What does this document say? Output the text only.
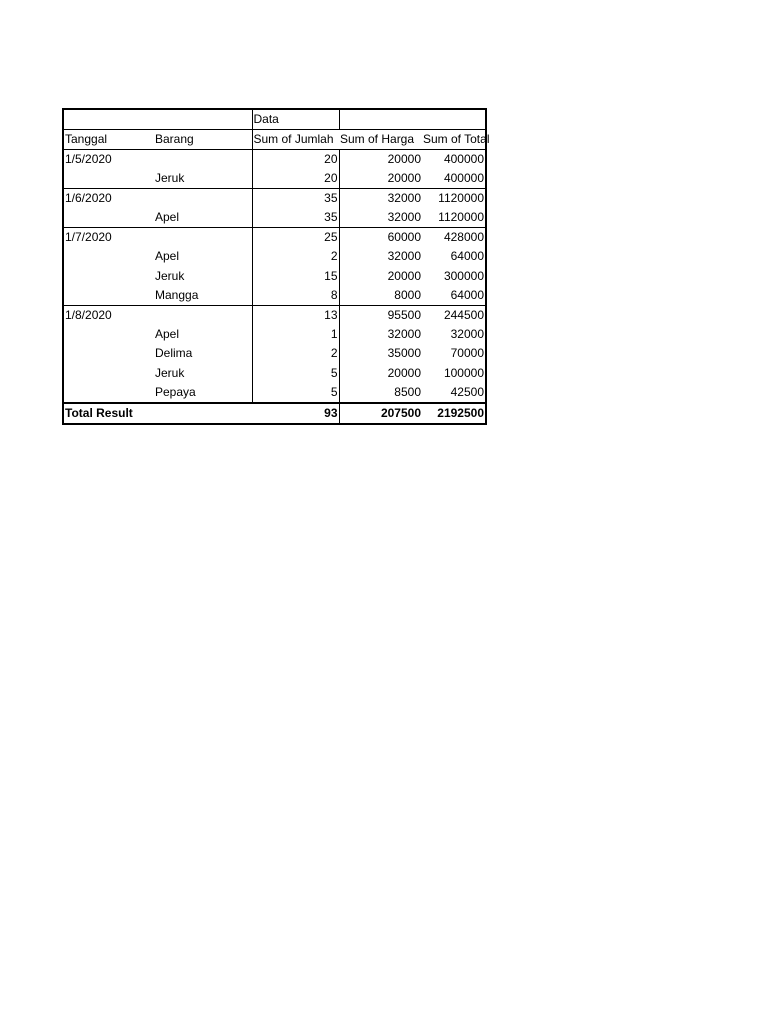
		Data		
Tanggal	Barang	Sum of Jumlah	Sum of Harga	Sum of Total
1/5/2020		20	20000	400000
	Jeruk	20	20000	400000
1/6/2020		35	32000	1120000
	Apel	35	32000	1120000
1/7/2020		25	60000	428000
	Apel	2	32000	64000
	Jeruk	15	20000	300000
	Mangga	8	8000	64000
1/8/2020		13	95500	244500
	Apel	1	32000	32000
	Delima	2	35000	70000
	Jeruk	5	20000	100000
	Pepaya	5	8500	42500
Total Result		93	207500	2192500
